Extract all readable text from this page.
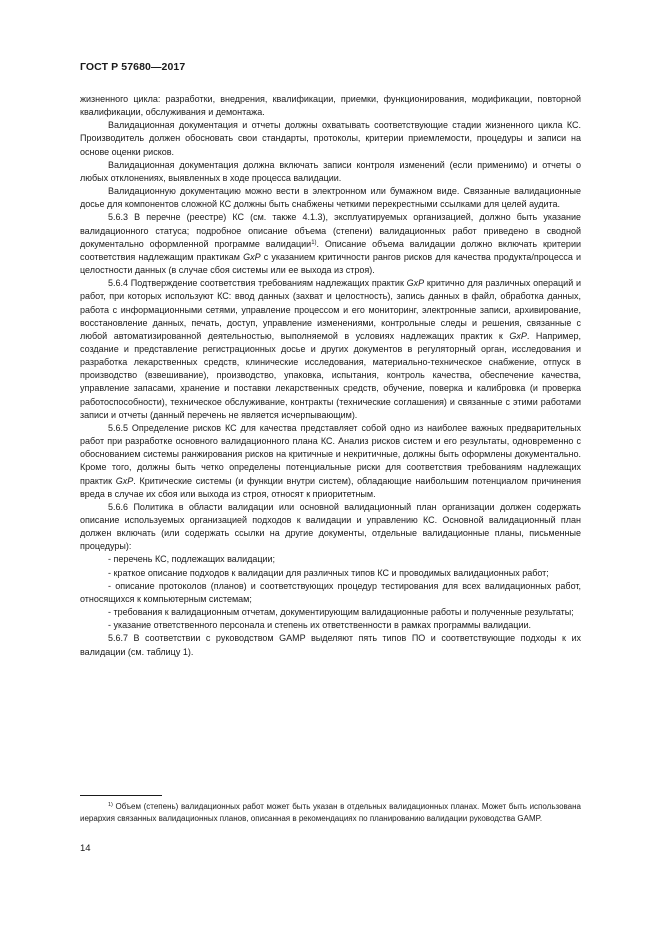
ГОСТ Р 57680—2017

жизненного цикла: разработки, внедрения, квалификации, приемки, функционирования, модификации, повторной квалификации, обслуживания и демонтажа.

Валидационная документация и отчеты должны охватывать соответствующие стадии жизненного цикла КС. Производитель должен обосновать свои стандарты, протоколы, критерии приемлемости, процедуры и записи на основе оценки рисков.

Валидационная документация должна включать записи контроля изменений (если применимо) и отчеты о любых отклонениях, выявленных в ходе процесса валидации.

Валидационную документацию можно вести в электронном или бумажном виде. Связанные валидационные досье для компонентов сложной КС должны быть снабжены четкими перекрестными ссылками для целей аудита.

5.6.3 В перечне (реестре) КС (см. также 4.1.3), эксплуатируемых организацией, должно быть указание валидационного статуса; подробное описание объема (степени) валидационных работ приведено в сводной документально оформленной программе валидации$^{1)}$. Описание объема валидации должно включать критерии соответствия надлежащим практикам GxP с указанием критичности рангов рисков для качества продукта/процесса и целостности данных (в случае сбоя системы или ее выхода из строя).

5.6.4 Подтверждение соответствия требованиям надлежащих практик GxP критично для различных операций и работ, при которых используют КС: ввод данных (захват и целостность), запись данных в файл, обработка данных, работа с информационными сетями, управление процессом и его мониторинг, электронные записи, архивирование, восстановление данных, печать, доступ, управление изменениями, контрольные следы и решения, связанные с любой автоматизированной деятельностью, выполняемой в условиях надлежащих практик к GxP. Например, создание и представление регистрационных досье и других документов в регуляторный орган, исследования и разработка лекарственных средств, клинические исследования, материально-техническое снабжение, отпуск в производство (взвешивание), производство, упаковка, испытания, контроль качества, обеспечение качества, управление запасами, хранение и поставки лекарственных средств, обучение, поверка и калибровка (и проверка работоспособности), техническое обслуживание, контракты (технические соглашения) и связанные с этими работами записи и отчеты (данный перечень не является исчерпывающим).

5.6.5 Определение рисков КС для качества представляет собой одно из наиболее важных предварительных работ при разработке основного валидационного плана КС. Анализ рисков систем и его результаты, одновременно с обоснованием системы ранжирования рисков на критичные и некритичные, должны быть оформлены документально. Кроме того, должны быть четко определены потенциальные риски для соответствия требованиям надлежащих практик GxP. Критические системы (и функции внутри систем), обладающие наибольшим потенциалом причинения вреда в случае их сбоя или выхода из строя, относят к приоритетным.

5.6.6 Политика в области валидации или основной валидационный план организации должен содержать описание используемых организацией подходов к валидации и управлению КС. Основной валидационный план должен включать (или содержать ссылки на другие документы, отдельные валидационные планы, письменные процедуры):

- перечень КС, подлежащих валидации;

- краткое описание подходов к валидации для различных типов КС и проводимых валидационных работ;

- описание протоколов (планов) и соответствующих процедур тестирования для всех валидационных работ, относящихся к компьютерным системам;

- требования к валидационным отчетам, документирующим валидационные работы и полученные результаты;

- указание ответственного персонала и степень их ответственности в рамках программы валидации.

5.6.7 В соответствии с руководством GAMP выделяют пять типов ПО и соответствующие подходы к их валидации (см. таблицу 1).

$^{1)}$ Объем (степень) валидационных работ может быть указан в отдельных валидационных планах. Может быть использована иерархия связанных валидационных планов, описанная в рекомендациях по планированию валидации руководства GAMP.
14
